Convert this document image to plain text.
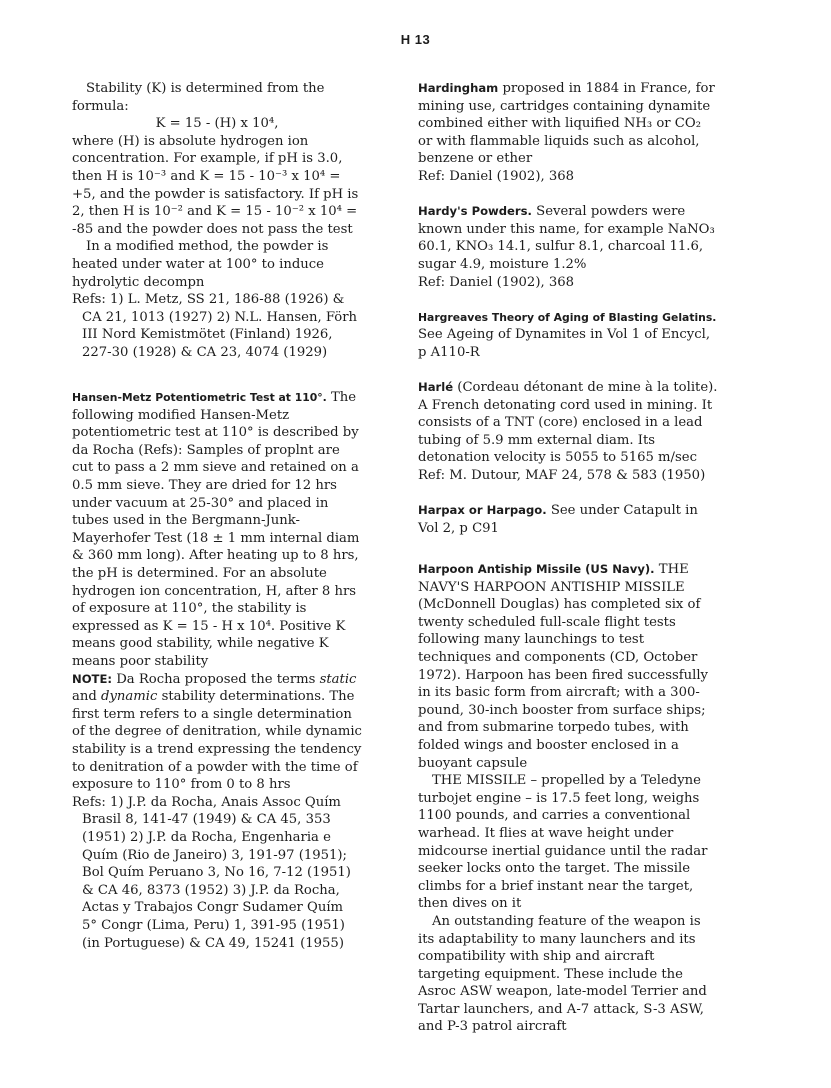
H 13

Stability (K) is determined from the formula:

K = 15 - (H) x 10⁴,

where (H) is absolute hydrogen ion concentration. For example, if pH is 3.0, then H is 10⁻³ and K = 15 - 10⁻³ x 10⁴ = +5, and the powder is satisfactory. If pH is 2, then H is 10⁻² and K = 15 - 10⁻² x 10⁴ = -85 and the powder does not pass the test

In a modified method, the powder is heated under water at 100° to induce hydrolytic decompn

Refs: 1) L. Metz, SS 21, 186-88 (1926) & CA 21, 1013 (1927) 2) N.L. Hansen, Förh III Nord Kemistmötet (Finland) 1926, 227-30 (1928) & CA 23, 4074 (1929)

Hansen-Metz Potentiometric Test at 110°. The following modified Hansen-Metz potentiometric test at 110° is described by da Rocha (Refs): Samples of proplnt are cut to pass a 2 mm sieve and retained on a 0.5 mm sieve. They are dried for 12 hrs under vacuum at 25-30° and placed in tubes used in the Bergmann-Junk-Mayerhofer Test (18 ± 1 mm internal diam & 360 mm long). After heating up to 8 hrs, the pH is determined. For an absolute hydrogen ion concentration, H, after 8 hrs of exposure at 110°, the stability is expressed as K = 15 - H x 10⁴. Positive K means good stability, while negative K means poor stability

NOTE: Da Rocha proposed the terms static and dynamic stability determinations. The first term refers to a single determination of the degree of denitration, while dynamic stability is a trend expressing the tendency to denitration of a powder with the time of exposure to 110° from 0 to 8 hrs

Refs: 1) J.P. da Rocha, Anais Assoc Quím Brasil 8, 141-47 (1949) & CA 45, 353 (1951) 2) J.P. da Rocha, Engenharia e Quím (Rio de Janeiro) 3, 191-97 (1951); Bol Quím Peruano 3, No 16, 7-12 (1951) & CA 46, 8373 (1952) 3) J.P. da Rocha, Actas y Trabajos Congr Sudamer Quím 5° Congr (Lima, Peru) 1, 391-95 (1951) (in Portuguese) & CA 49, 15241 (1955)

Hardingham proposed in 1884 in France, for mining use, cartridges containing dynamite combined either with liquified NH₃ or CO₂ or with flammable liquids such as alcohol, benzene or ether

Ref: Daniel (1902), 368

Hardy's Powders. Several powders were known under this name, for example NaNO₃ 60.1, KNO₃ 14.1, sulfur 8.1, charcoal 11.6, sugar 4.9, moisture 1.2%

Ref: Daniel (1902), 368

Hargreaves Theory of Aging of Blasting Gelatins. See Ageing of Dynamites in Vol 1 of Encycl, p A110-R

Harlé (Cordeau détonant de mine à la tolite). A French detonating cord used in mining. It consists of a TNT (core) enclosed in a lead tubing of 5.9 mm external diam. Its detonation velocity is 5055 to 5165 m/sec

Ref: M. Dutour, MAF 24, 578 & 583 (1950)

Harpax or Harpago. See under Catapult in Vol 2, p C91

Harpoon Antiship Missile (US Navy). THE NAVY'S HARPOON ANTISHIP MISSILE (McDonnell Douglas) has completed six of twenty scheduled full-scale flight tests following many launchings to test techniques and components (CD, October 1972). Harpoon has been fired successfully in its basic form from aircraft; with a 300-pound, 30-inch booster from surface ships; and from submarine torpedo tubes, with folded wings and booster enclosed in a buoyant capsule

THE MISSILE – propelled by a Teledyne turbojet engine – is 17.5 feet long, weighs 1100 pounds, and carries a conventional warhead. It flies at wave height under midcourse inertial guidance until the radar seeker locks onto the target. The missile climbs for a brief instant near the target, then dives on it

An outstanding feature of the weapon is its adaptability to many launchers and its compatibility with ship and aircraft targeting equipment. These include the Asroc ASW weapon, late-model Terrier and Tartar launchers, and A-7 attack, S-3 ASW, and P-3 patrol aircraft
